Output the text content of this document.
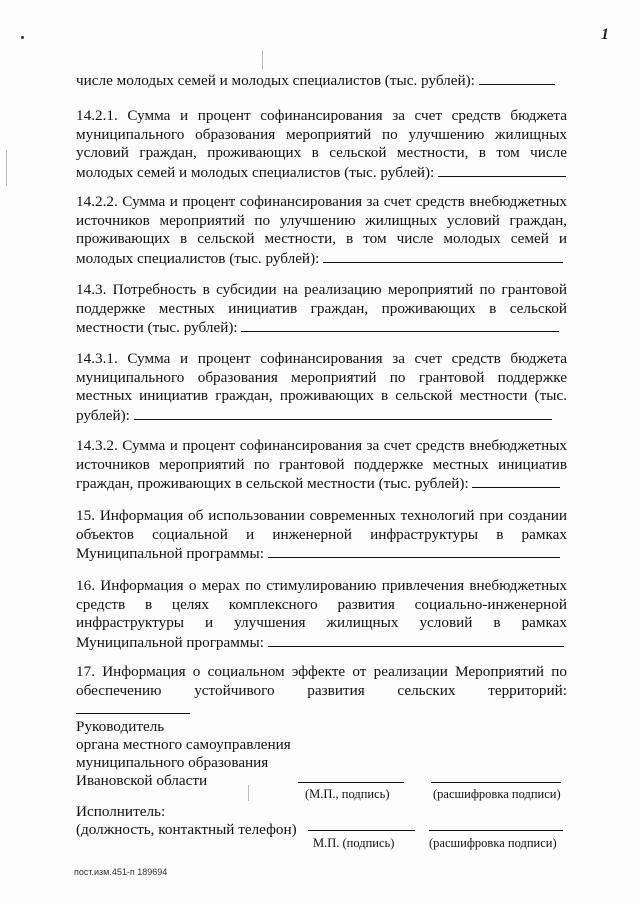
1

числе молодых семей и молодых специалистов (тыс. рублей):

14.2.1. Сумма и процент софинансирования за счет средств бюджета муниципального образования мероприятий по улучшению жилищных условий граждан, проживающих в сельской местности, в том числе молодых семей и молодых специалистов (тыс. рублей):

14.2.2. Сумма и процент софинансирования за счет средств внебюджетных источников мероприятий по улучшению жилищных условий граждан, проживающих в сельской местности, в том числе молодых семей и молодых специалистов (тыс. рублей):

14.3. Потребность в субсидии на реализацию мероприятий по грантовой поддержке местных инициатив граждан, проживающих в сельской местности (тыс. рублей):

14.3.1. Сумма и процент софинансирования за счет средств бюджета муниципального образования мероприятий по грантовой поддержке местных инициатив граждан, проживающих в сельской местности (тыс. рублей):

14.3.2. Сумма и процент софинансирования за счет средств внебюджетных источников мероприятий по грантовой поддержке местных инициатив граждан, проживающих в сельской местности (тыс. рублей):

15. Информация об использовании современных технологий при создании объектов социальной и инженерной инфраструктуры в рамках Муниципальной программы:

16. Информация о мерах по стимулированию привлечения внебюджетных средств в целях комплексного развития социально-инженерной инфраструктуры и улучшения жилищных условий в рамках Муниципальной программы:

17. Информация о социальном эффекте от реализации Мероприятий по обеспечению устойчивого развития сельских территорий:

Руководитель
органа местного самоуправления
муниципального образования
Ивановской области
(М.П., подпись)	(расшифровка подписи)
Исполнитель:
(должность, контактный телефон)
М.П. (подпись)	(расшифровка подписи)
пост.изм.451-п 189694
